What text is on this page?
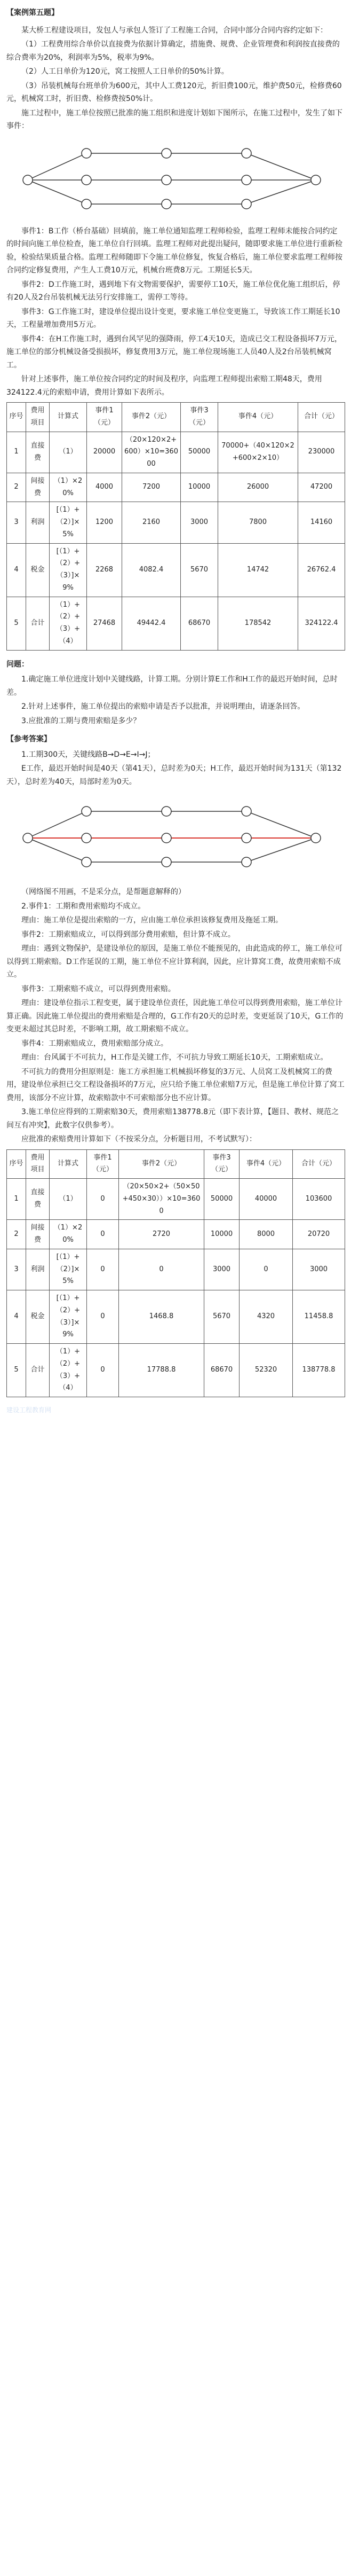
【案例第五题】

某大桥工程建设项目，发包人与承包人签订了工程施工合同，合同中部分合同内容约定如下：

（1）工程费用综合单价以直接费为依据计算确定，措施费、规费、企业管理费和利润按直接费的综合费率为20%，利润率为5%，税率为9%。

（2）人工日单价为120元，窝工按照人工日单价的50%计算。

（3）吊装机械每台班单价为600元，其中人工费120元，折旧费100元，维护费50元，检修费60元，机械窝工时，折旧费、检修费按50%计。

施工过程中，施工单位按照已批准的施工组织和进度计划如下图所示，在施工过程中，发生了如下事件：

事件1：B工作（桥台基础）回填前，施工单位通知监理工程师检验，监理工程师未能按合同约定的时间向施工单位检查，施工单位自行回填。监理工程师对此提出疑问，随即要求施工单位进行重新检验，检验结果质量合格。监理工程师随即下令施工单位修复，恢复合格后，施工单位要求监理工程师按合同约定修复费用，产生人工费10万元，机械台班费8万元。工期延长5天。

事件2：D工作施工时，遇到地下有文物需要保护，需要停工10天，施工单位优化施工组织后，停有20人及2台吊装机械无法另行安排施工，需停工等待。

事件3：G工作施工时，建设单位提出设计变更，要求施工单位变更施工，导致该工作工期延长10天，工程量增加费用5万元。

事件4：在H工作施工时，遇到台风罕见的强降雨，停工4天10天，造成已交工程设备损坏7万元，施工单位的部分机械设备受损损坏，修复费用3万元，施工单位现场施工人员40人及2台吊装机械窝工。

针对上述事件，施工单位按合同约定的时间及程序，向监理工程师提出索赔工期48天，费用324122.4元的索赔申请，费用计算如下表所示。

序号	费用项目	计算式	事件1（元）	事件2（元）	事件3（元）	事件4（元）	合计（元）
1	直接费	（1）	20000	（20×120×2+600）×10=36000	50000	70000+（40×120×2+600×2×10）	230000
2	间接费	（1）×20%	4000	7200	10000	26000	47200
3	利润	[（1）+（2）]×5%	1200	2160	3000	7800	14160
4	税金	[（1）+（2）+（3）]×9%	2268	4082.4	5670	14742	26762.4
5	合计	（1）+（2）+（3）+（4）	27468	49442.4	68670	178542	324122.4

问题：

1.确定施工单位进度计划中关键线路，计算工期。分别计算E工作和H工作的最迟开始时间，总时差。

2.针对上述事件，施工单位提出的索赔申请是否予以批准，并说明理由，请逐条回答。

3.应批准的工期与费用索赔是多少？

【参考答案】

1.工期300天，关键线路B→D→E→I→J；

E工作，最迟开始时间是40天（第41天），总时差为0天；H工作，最迟开始时间为131天（第132天），总时差为40天，局部时差为0天。

（网络图不用画，不是采分点，是帮题意解释的）

2.事件1：工期和费用索赔均不成立。

理由：施工单位是提出索赔的一方，应由施工单位承担该修复费用及拖延工期。

事件2：工期索赔成立，可以得到部分费用索赔，但计算不成立。

理由：遇到文物保护，是建设单位的原因，是施工单位不能预见的，由此造成的停工，施工单位可以得到工期索赔。D工作延误的工期，施工单位不应计算利润，因此，应计算窝工费，故费用索赔不成立。

事件3：工期索赔不成立，可以得到费用索赔。

理由：建设单位指示工程变更，属于建设单位责任，因此施工单位可以得到费用索赔，施工单位计算正确。因此施工单位提出的费用索赔是合理的，G工作有20天的总时差，变更延误了10天，G工作的变更未超过其总时差，不影响工期，故工期索赔不成立。

事件4：工期索赔成立，费用索赔部分成立。

理由：台风属于不可抗力，H工作是关键工作，不可抗力导致工期延长10天，工期索赔成立。

不可抗力的费用分担原则是：施工方承担施工机械损坏修复的3万元、人员窝工及机械窝工的费用，建设单位承担已交工程设备损坏的7万元，应只给予施工单位索赔7万元，但是施工单位计算了窝工费用，该部分不应计算，故索赔款中不可索赔部分也不应计算。

3.施工单位应得到的工期索赔30天，费用索赔138778.8元（即下表计算，【题目、教材、规范之间互有冲突】，此数字仅供参考）。

应批准的索赔费用计算如下（不按采分点，分析题目用，不考试默写）：

序号	费用项目	计算式	事件1（元）	事件2（元）	事件3（元）	事件4（元）	合计（元）
1	直接费	（1）	0	（20×50×2+（50×50+450×30））×10=3600	50000	40000	103600
2	间接费	（1）×20%	0	2720	10000	8000	20720
3	利润	[（1）+（2）]×5%	0	0	3000	0	3000
4	税金	[（1）+（2）+（3）]×9%	0	1468.8	5670	4320	11458.8
5	合计	（1）+（2）+（3）+（4）	0	17788.8	68670	52320	138778.8
建设工程教育网
